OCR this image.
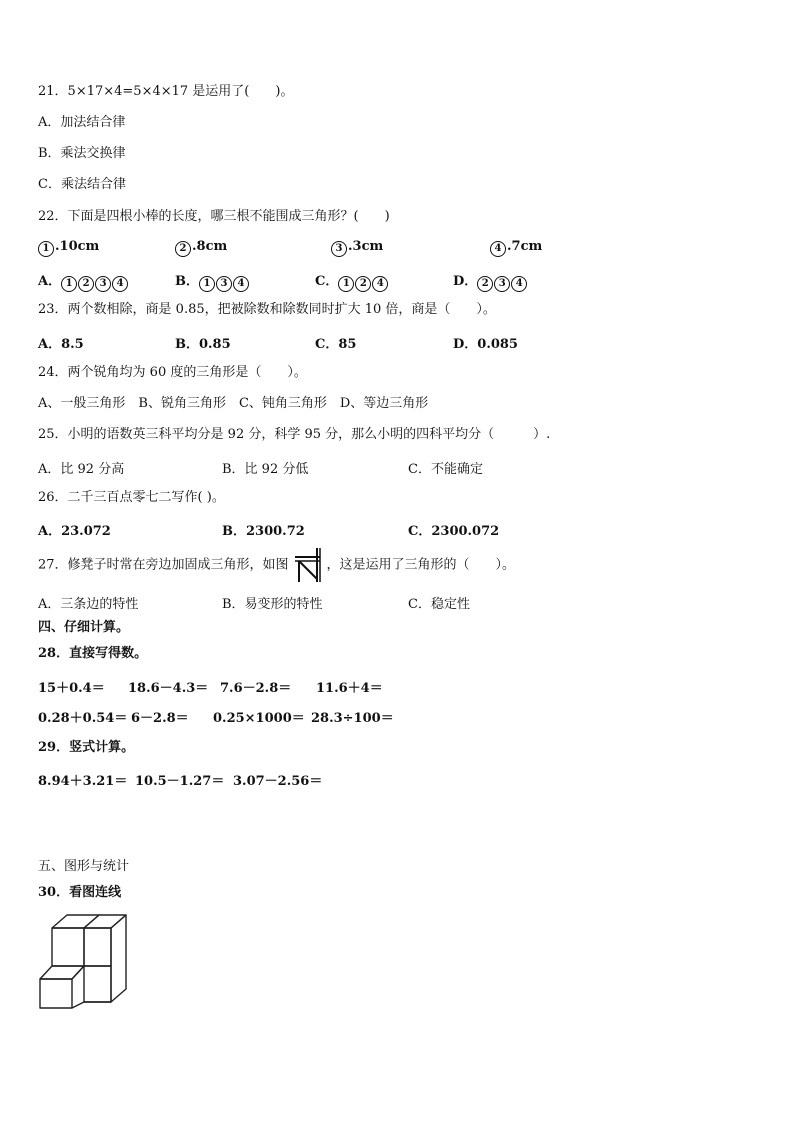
21．5×17×4=5×4×17 是运用了(　　)。
A．加法结合律
B．乘法交换律
C．乘法结合律
22．下面是四根小棒的长度，哪三根不能围成三角形？(　　)
1 .10cm	2 .8cm	3 .3cm	4 .7cm
A． 1 2 3 4	B． 1 3 4	C． 1 2 4	D． 2 3 4
23．两个数相除，商是 0.85，把被除数和除数同时扩大 10 倍，商是（　　）。
A．8.5	B．0.85	C．85	D．0.085
24．两个锐角均为 60 度的三角形是（　　）。
A、一般三角形　B、锐角三角形　C、钝角三角形　D、等边三角形
25．小明的语数英三科平均分是 92 分，科学 95 分，那么小明的四科平均分（　　　）.
A．比 92 分高	B．比 92 分低	C．不能确定
26．二千三百点零七二写作( )。
A．23.072	B．2300.72	C．2300.072
27．修凳子时常在旁边加固成三角形，如图	，这是运用了三角形的（　　）。
A．三条边的特性	B．易变形的特性	C．稳定性
四、仔细计算。
28．直接写得数。
15＋0.4＝ 18.6－4.3＝ 7.6－2.8＝ 11.6＋4＝
0.28＋0.54＝ 6－2.8＝ 0.25×1000＝ 28.3÷100＝
29．竖式计算。
8.94＋3.21＝ 10.5－1.27＝ 3.07－2.56＝
五、图形与统计
30．看图连线
